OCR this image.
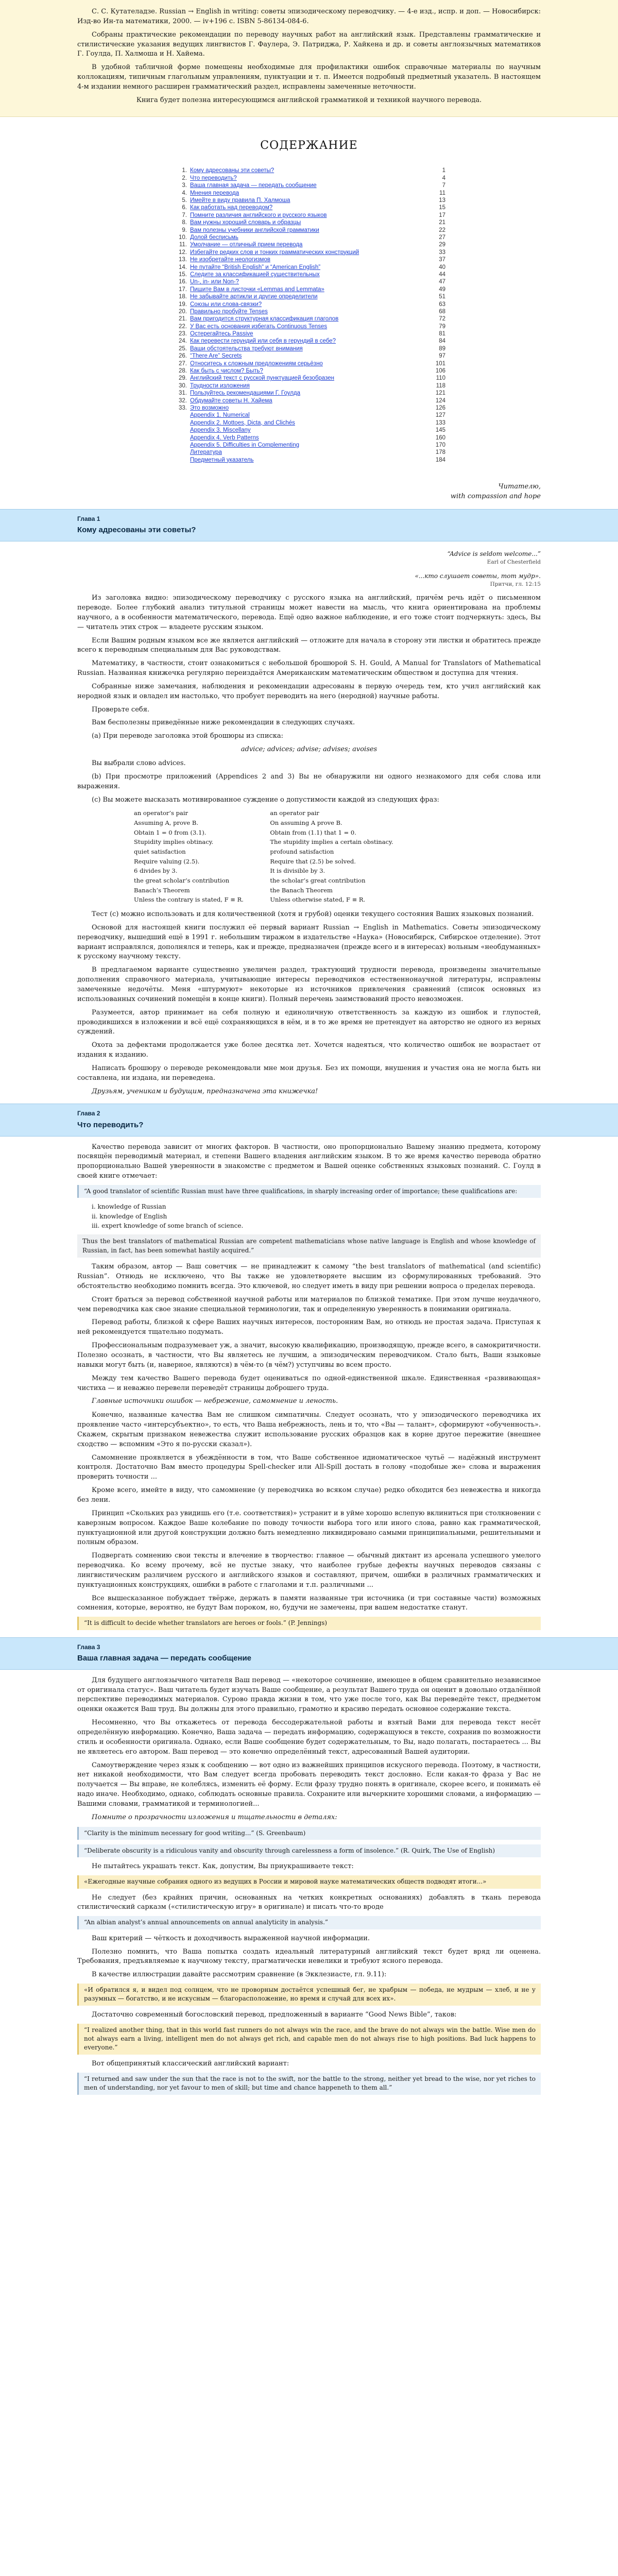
С. С. Кутателадзе. Russian → English in writing: советы эпизодическому переводчику. — 4-е изд., испр. и доп. — Новосибирск: Изд-во Ин-та математики, 2000. — iv+196 с. ISBN 5-86134-084-6.

Собраны практические рекомендации по переводу научных работ на английский язык. Представлены грамматические и стилистические указания ведущих лингвистов Г. Фаулера, Э. Патриджа, Р. Хайкена и др. и советы англоязычных математиков Г. Гоулда, П. Халмоша и Н. Хайема.

В удобной табличной форме помещены необходимые для профилактики ошибок справочные материалы по научным коллокациям, типичным глагольным управлениям, пунктуации и т. п. Имеется подробный предметный указатель. В настоящем 4-м издании немного расширен грамматический раздел, исправлены замеченные неточности.

Книга будет полезна интересующимся английской грамматикой и техникой научного перевода.

СОДЕРЖАНИЕ
1. Кому адресованы эти советы?	1
2. Что переводить?	4
3. Ваша главная задача — передать сообщение	7
4. Мнения перевода	11
5. Имейте в виду правила П. Халмоша	13
6. Как работать над переводом?	15
7. Помните различия английского и русского языков	17
8. Вам нужны хороший словарь и образцы	21
9. Вам полезны учебники английской грамматики	22
10. Долой бесписьмь	27
11. Умолчание — отличный прием перевода	29
12. Избегайте редких слов и тонких грамматических конструкций	33
13. Не изобретайте неологизмов	37
14. Не путайте “British English” и “American English”	40
15. Следите за классификацией существительных	44
16. Un-, in- или Non-?	47
17. Пишите Вам в листочки «Lemmas and Lemmata»	49
18. Не забывайте артикли и другие определители	51
19. Союзы или слова-связки?	63
20. Правильно пробуйте Tenses	68
21. Вам пригодится структурная классификация глаголов	72
22. У Вас есть основания избегать Continuous Tenses	79
23. Остерегайтесь Passive	81
24. Как перевести герундий или себя в герундий в себе?	84
25. Ваши обстоятельства требуют внимания	89
26. “There Are” Secrets	97
27. Относитесь к сложным предложениям серьёзно	101
28. Как быть с числом? Быть?	106
29. Английский текст с русской пунктуацией безобразен	110
30. Трудности изложения	118
31. Пользуйтесь рекомендациями Г. Гоулда	121
32. Обдумайте советы Н. Хайема	124
33. Это возможно	126
Appendix 1. Numerical	127
Appendix 2. Mottoes, Dicta, and Clichés	133
Appendix 3. Miscellany	145
Appendix 4. Verb Patterns	160
Appendix 5. Difficulties in Complementing	170
Литература	178
Предметный указатель	184
Читателю,
with compassion and hope
Глава 1
Кому адресованы эти советы?
“Advice is seldom welcome...”
Earl of Chesterfield
«...кто слушает советы, тот мудр».
Притчи, гл. 12:15

Из заголовка видно: эпизодическому переводчику с русского языка на английский, причём речь идёт о письменном переводе. Более глубокий анализ титульной страницы может навести на мысль, что книга ориентирована на проблемы научного, а в особенности математического, перевода. Ещё одно важное наблюдение, и его тоже стоит подчеркнуть: здесь, Вы — читатель этих строк — владеете русским языком.

Если Вашим родным языком все же является английский — отложите для начала в сторону эти листки и обратитесь прежде всего к переводным специальным для Вас руководствам.

Математику, в частности, стоит ознакомиться с небольшой брошюрой S. H. Gould, A Manual for Translators of Mathematical Russian. Названная книжечка регулярно переиздаётся Американским математическим обществом и доступна для чтения.

Собранные ниже замечания, наблюдения и рекомендации адресованы в первую очередь тем, кто учил английский как неродной язык и овладел им настолько, что пробует переводить на него (неродной) научные работы.

Проверьте себя.

Вам бесполезны приведённые ниже рекомендации в следующих случаях.

(a) При переводе заголовка этой брошюры из списка:

advice; advices; advise; advises; avoises

Вы выбрали слово advices.

(b) При просмотре приложений (Appendices 2 and 3) Вы не обнаружили ни одного незнакомого для себя слова или выражения.

(c) Вы можете высказать мотивированное суждение о допустимости каждой из следующих фраз:

an operator’s pair	an operator pair
Assuming A, prove B.	On assuming A prove B.
Obtain 1 = 0 from (3.1).	Obtain from (1.1) that 1 = 0.
Stupidity implies obtinacy.	The stupidity implies a certain obstinacy.
quiet satisfaction	profound satisfaction
Require valuing (2.5).	Require that (2.5) be solved.
6 divides by 3.	It is divisible by 3.
the great scholar’s contribution	the scholar’s great contribution
Banach’s Theorem	the Banach Theorem
Unless the contrary is stated, F ≡ R.	Unless otherwise stated, F ≡ R.

Тест (c) можно использовать и для количественной (хотя и грубой) оценки текущего состояния Ваших языковых познаний.

Основой для настоящей книги послужил её первый вариант Russian → English in Mathematics. Советы эпизодическому переводчику, вышедший ещё в 1991 г. небольшим тиражом в издательстве «Наука» (Новосибирск, Сибирское отделение). Этот вариант исправлялся, дополнялся и теперь, как и прежде, предназначен (прежде всего и в интересах) вольным «необдуманных» к русскому научному тексту.

В предлагаемом варианте существенно увеличен раздел, трактующий трудности перевода, произведены значительные дополнения справочного материала, учитывающие интересы переводчиков естественнонаучной литературы, исправлены замеченные недочёты. Меня «штурмуют» некоторые из источников привлечения сравнений (список основных из использованных сочинений помещён в конце книги). Полный перечень заимствований просто невозможен.

Разумеется, автор принимает на себя полную и единоличную ответственность за каждую из ошибок и глупостей, проводившихся в изложении и всё ещё сохраняющихся в нём, и в то же время не претендует на авторство не одного из верных суждений.

Охота за дефектами продолжается уже более десятка лет. Хочется надеяться, что количество ошибок не возрастает от издания к изданию.

Написать брошюру о переводе рекомендовали мне мои друзья. Без их помощи, внушения и участия она не могла быть ни составлена, ни издана, ни переведена.

Друзьям, ученикам и будущим, предназначена эта книжечка!
Глава 2
Что переводить?

Качество перевода зависит от многих факторов. В частности, оно пропорционально Вашему знанию предмета, которому посвящён переводимый материал, и степени Вашего владения английским языком. В то же время качество перевода обратно пропорционально Вашей уверенности в знакомстве с предметом и Вашей оценке собственных языковых познаний. С. Гоулд в своей книге отмечает:

“A good translator of scientific Russian must have three qualifications, in sharply increasing order of importance; these qualifications are:
i. knowledge of Russian
ii. knowledge of English
iii. expert knowledge of some branch of science.
Thus the best translators of mathematical Russian are competent mathematicians whose native language is English and whose knowledge of Russian, in fact, has been somewhat hastily acquired.”

Таким образом, автор — Ваш советчик — не принадлежит к самому “the best translators of mathematical (and scientific) Russian”. Отнюдь не исключено, что Вы также не удовлетворяете высшим из сформулированных требований. Это обстоятельство необходимо помнить всегда. Это ключевой, но следует иметь в виду при решении вопроса о пределах перевода.

Стоит браться за перевод собственной научной работы или материалов по близкой тематике. При этом лучше неудачного, чем переводчика как свое знание специальной терминологии, так и определенную уверенность в понимании оригинала.

Перевод работы, близкой к сфере Ваших научных интересов, посторонним Вам, но отнюдь не простая задача. Приступая к ней рекомендуется тщательно подумать.

Профессиональным подразумевает уж, а значит, высокую квалификацию, производящую, прежде всего, в самокритичности. Полезно осознать, в частности, что Вы являетесь не лучшим, а эпизодическим переводчиком. Стало быть, Ваши языковые навыки могут быть (и, наверное, являются) в чём-то (в чём?) уступчивы во всем просто.

Между тем качество Вашего перевода будет оцениваться по одной-единственной шкале. Единственная «развивающая» чистиха — и неважно перевели переведёт страницы доброшего труда.

Главные источники ошибок — небрежение, самомнение и леность.

Конечно, названные качества Вам не слишком симпатичны. Следует осознать, что у эпизодического переводчика их проявление часто «интерсубъектно», то есть, что Ваша небрежность, лень и то, что «Вы — талант», сформируют «обученность». Скажем, скрытым признаком невежества служит использование русских образцов как в корне другое пережитие (внешнее сходство — вспомним «Это я по-русски сказал»).

Самомнение проявляется в убеждённости в том, что Ваше собственное идиоматическое чутьё — надёжный инструмент контроля. Достаточно Вам вместо процедуры Spell-checker или All-Spill достать в голову «подобные же» слова и выражения проверить точности ...

Кроме всего, имейте в виду, что самомнение (у переводчика во всяком случае) редко обходится без невежества и никогда без лени.

Принцип «Скольких раз увидишь его (т.е. соответствия)» устранит и в уйме хорошо вслепую вклиниться при столкновении с каверзным вопросом. Каждое Ваше колебание по поводу точности выбора того или иного слова, равно как грамматической, пунктуационной или другой конструкции должно быть немедленно ликвидировано самыми принципиальными, решительными и полным образом.

Подвергать сомнению свои тексты и влечение в творчество: главное — обычный диктант из арсенала успешного умелого переводчика. Ко всему прочему, всё не пустые знаку, что наиболее грубые дефекты научных переводов связаны с лингвистическим различием русского и английского языков и составляют, причем, ошибки в различных грамматических и пунктуационных конструкциях, ошибки в работе с глаголами и т.п. различными ...

Все вышесказанное побуждает твёрже, держать в памяти названные три источника (и три составные части) возможных сомнения, которые, вероятно, не будут Вам пороком, но, будучи не замечены, при вашем недостатке станут.

“It is difficult to decide whether translators are heroes or fools.” (P. Jennings)
Глава 3
Ваша главная задача — передать сообщение

Для будущего англоязычного читателя Ваш перевод — «некоторое сочинение, имеющее в общем сравнительно независимое от оригинала статус». Ваш читатель будет изучать Ваше сообщение, а результат Вашего труда он оценит в довольно отдалённой перспективе переводимых материалов. Сурово правда жизни в том, что уже после того, как Вы переведёте текст, предметом оценки окажется Ваш труд. Вы должны для этого правильно, грамотно и красиво передать основное содержание текста.

Несомненно, что Вы откажетесь от перевода бессодержательной работы и взятый Вами для перевода текст несёт определённую информацию. Конечно, Ваша задача — передать информацию, содержащуюся в тексте, сохранив по возможности стиль и особенности оригинала. Однако, если Ваше сообщение будет содержательным, то Вы, надо полагать, постараетесь ... Вы не являетесь его автором. Ваш перевод — это конечно определённый текст, адресованный Вашей аудитории.

Самоутверждение через язык к сообщению — вот одно из важнейших принципов искусного перевода. Поэтому, в частности, нет никакой необходимости, что Вам следует всегда пробовать переводить текст дословно. Если какая-то фраза у Вас не получается — Вы вправе, не колеблясь, изменить её форму. Если фразу трудно понять в оригинале, скорее всего, и понимать её надо иначе. Необходимо, однако, соблюдать основные правила. Сохраните или вычеркните хорошими словами, а информацию — Вашими словами, грамматикой и терминологией...

Помните о прозрачности изложения и тщательности в деталях:
“Clarity is the minimum necessary for good writing...” (S. Greenbaum)
“Deliberate obscurity is a ridiculous vanity and obscurity through carelessness a form of insolence.” (R. Quirk, The Use of English)

Не пытайтесь украшать текст. Как, допустим, Вы приукрашиваете текст:

«Ежегодные научные собрания одного из ведущих в России и мировой науке математических обществ подводят итоги...»

Не следует (без крайних причин, основанных на четких конкретных основаниях) добавлять в ткань перевода стилистический сарказм («стилистическую игру» в оригинале) и писать что-то вроде

“An albian analyst’s annual announcements on annual analyticity in analysis.”

Ваш критерий — чёткость и доходчивость выраженной научной информации.

Полезно помнить, что Ваша попытка создать идеальный литературный английский текст будет вряд ли оценена. Требования, предъявляемые к научному тексту, прагматически невелики и требуют ясного перевода.

В качестве иллюстрации давайте рассмотрим сравнение (в Экклезиасте, гл. 9.11):

«И обратился я, и видел под солнцем, что не проворным достаётся успешный бег, не храбрым — победа, не мудрым — хлеб, и не у разумных — богатство, и не искусным — благорасположение, но время и случай для всех их».

Достаточно современный богословский перевод, предложенный в варианте “Good News Bible”, таков:

“I realized another thing, that in this world fast runners do not always win the race, and the brave do not always win the battle. Wise men do not always earn a living, intelligent men do not always get rich, and capable men do not always rise to high positions. Bad luck happens to everyone.”

Вот общепринятый классический английский вариант:

“I returned and saw under the sun that the race is not to the swift, nor the battle to the strong, neither yet bread to the wise, nor yet riches to men of understanding, nor yet favour to men of skill; but time and chance happeneth to them all.”
